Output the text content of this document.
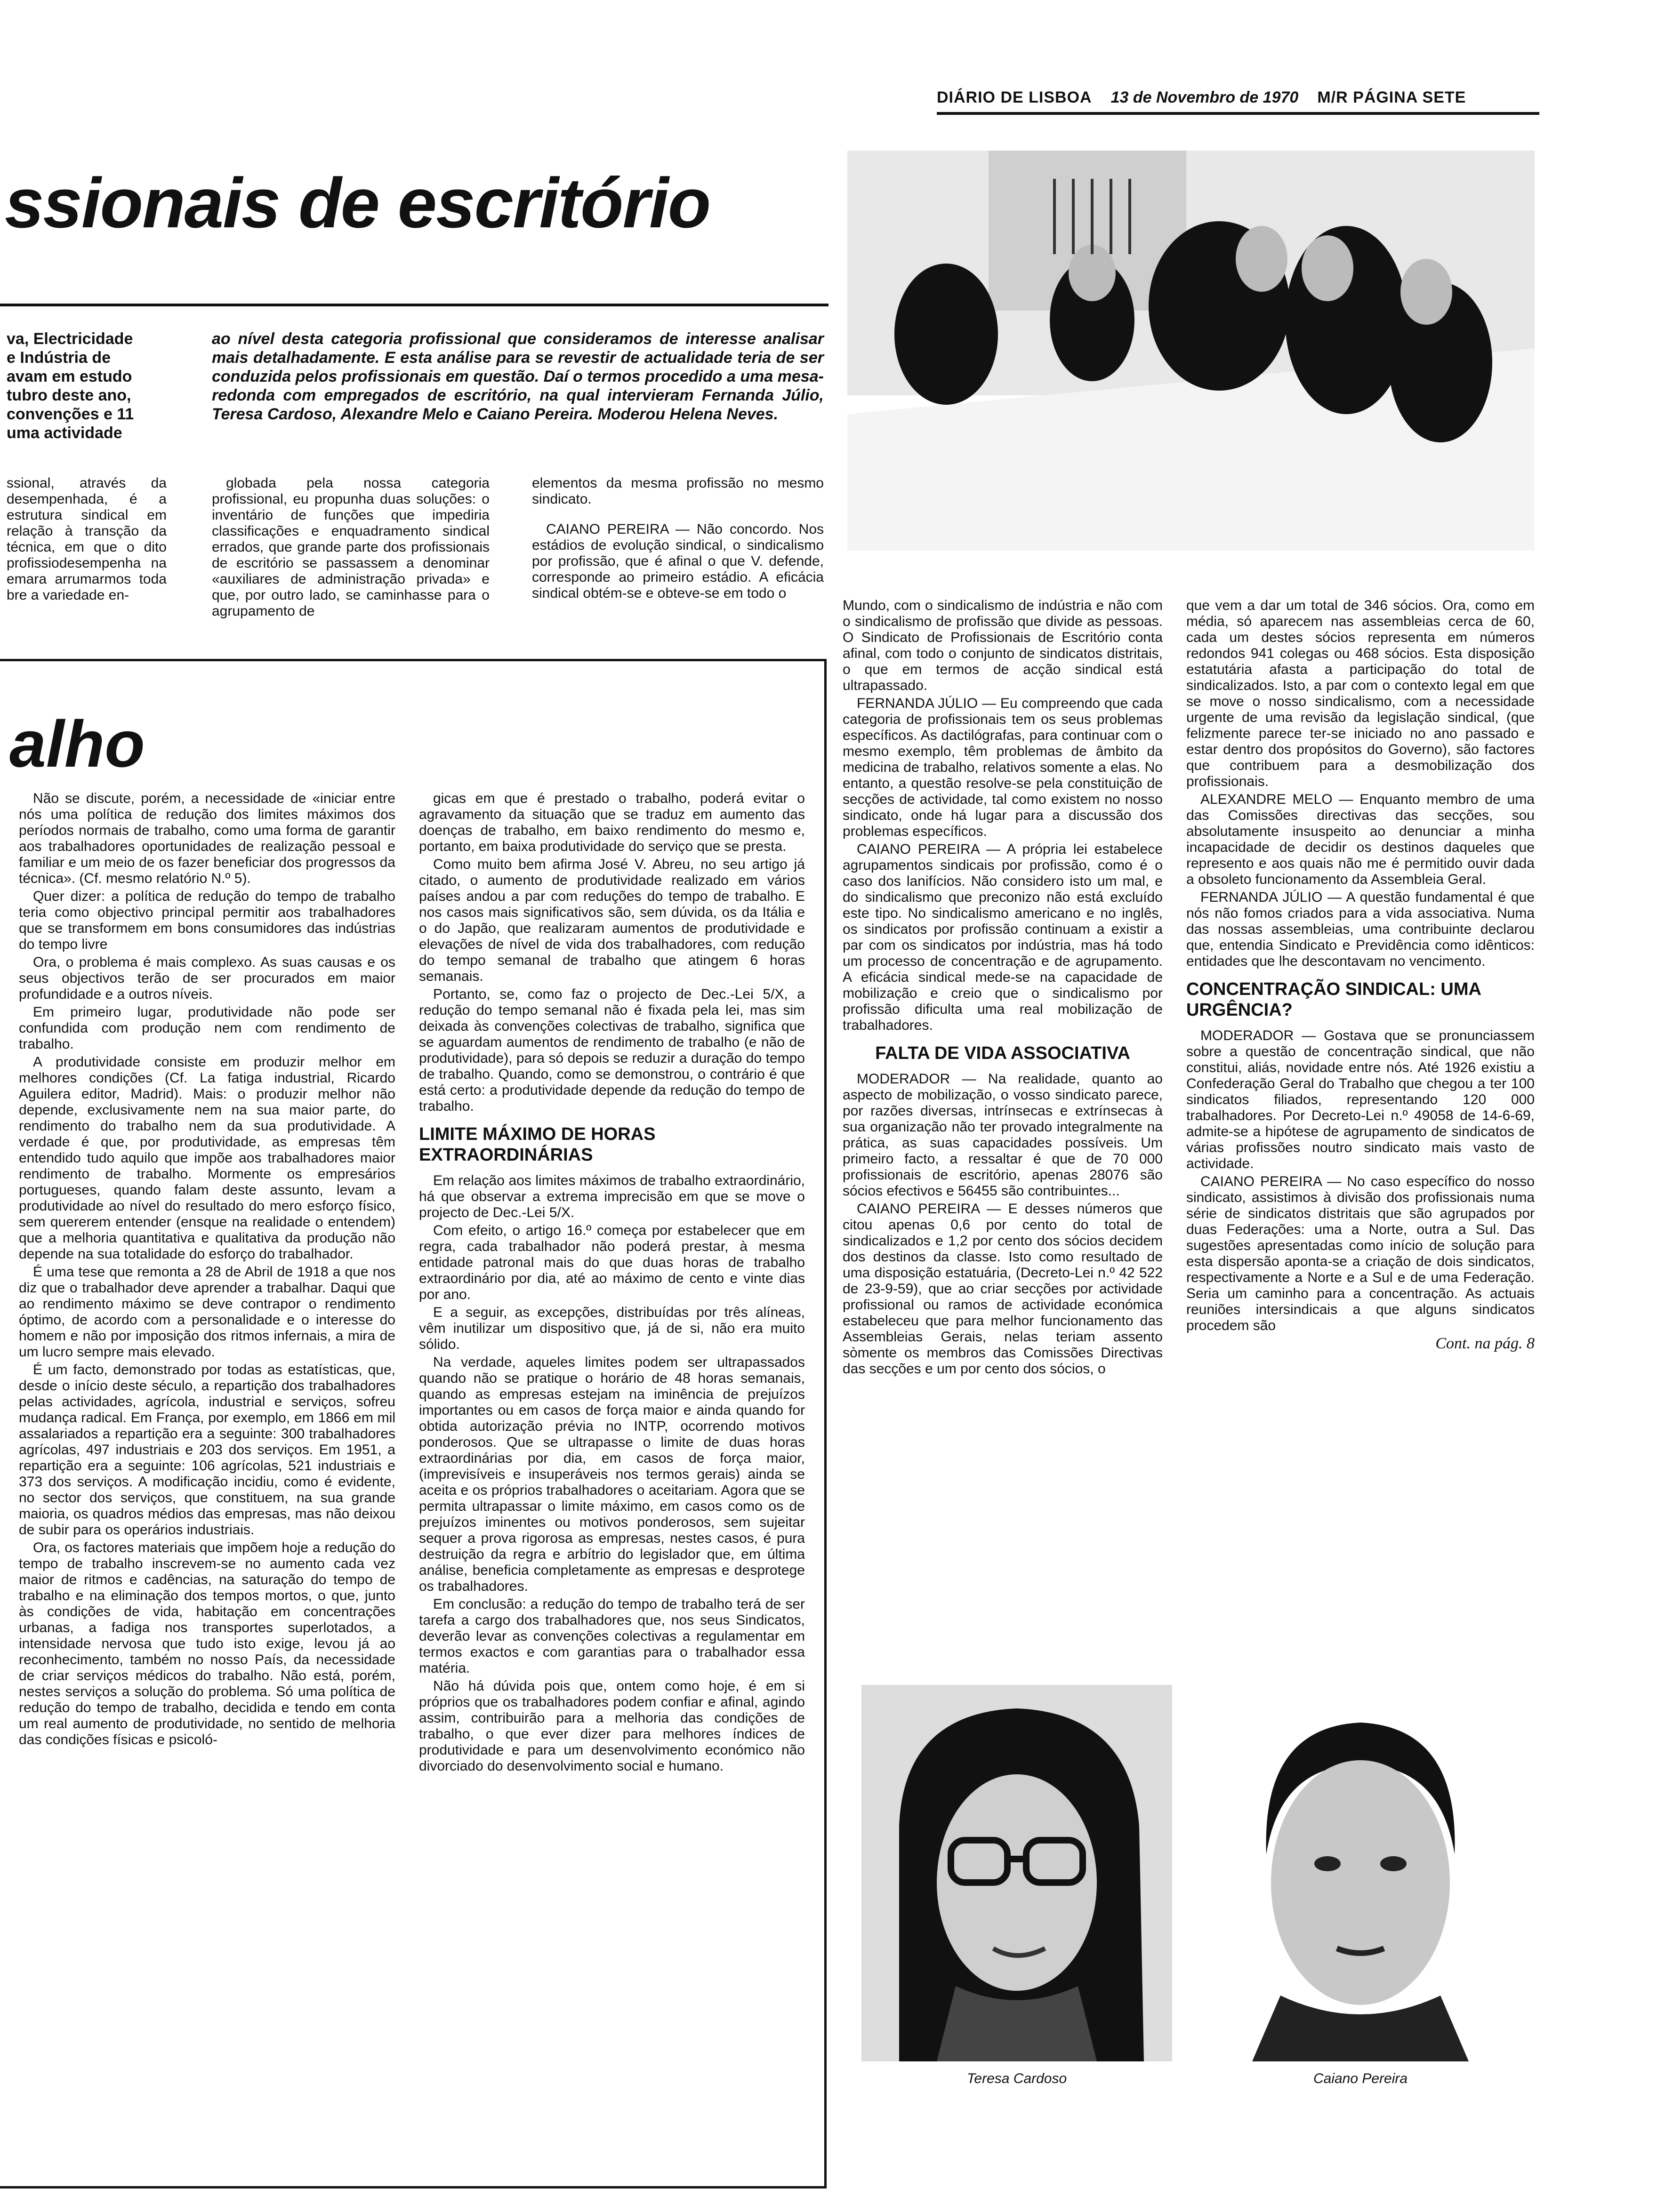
DIÁRIO DE LISBOA 13 de Novembro de 1970 M/R PÁGINA SETE
ssionais de escritório
va, Electricidade
e Indústria de
avam em estudo
tubro deste ano,
convenções e 11
uma actividade
ao nível desta categoria profissional que consideramos de interesse analisar mais detalhadamente. E esta análise para se revestir de actualidade teria de ser conduzida pelos profissionais em questão. Daí o termos procedido a uma mesa-redonda com empregados de escritório, na qual intervieram Fernanda Júlio, Teresa Cardoso, Alexandre Melo e Caiano Pereira. Moderou Helena Neves.

ssional, através da desempenhada, é a estrutura sindical em relação à transção da técnica, em que o dito profissiodesempenha na emara arrumarmos toda bre a variedade en-

globada pela nossa categoria profissional, eu propunha duas soluções: o inventário de funções que impediria classificações e enquadramento sindical errados, que grande parte dos profissionais de escritório se passassem a denominar «auxiliares de administração privada» e que, por outro lado, se caminhasse para o agrupamento de

elementos da mesma profissão no mesmo sindicato.

CAIANO PEREIRA — Não concordo. Nos estádios de evolução sindical, o sindicalismo por profissão, que é afinal o que V. defende, corresponde ao primeiro estádio. A eficácia sindical obtém-se e obteve-se em todo o

alho

Não se discute, porém, a necessidade de «iniciar entre nós uma política de redução dos limites máximos dos períodos normais de trabalho, como uma forma de garantir aos trabalhadores oportunidades de realização pessoal e familiar e um meio de os fazer beneficiar dos progressos da técnica». (Cf. mesmo relatório N.º 5).

Quer dizer: a política de redução do tempo de trabalho teria como objectivo principal permitir aos trabalhadores que se transformem em bons consumidores das indústrias do tempo livre

Ora, o problema é mais complexo. As suas causas e os seus objectivos terão de ser procurados em maior profundidade e a outros níveis.

Em primeiro lugar, produtividade não pode ser confundida com produção nem com rendimento de trabalho.

A produtividade consiste em produzir melhor em melhores condições (Cf. La fatiga industrial, Ricardo Aguilera editor, Madrid). Mais: o produzir melhor não depende, exclusivamente nem na sua maior parte, do rendimento do trabalho nem da sua produtividade. A verdade é que, por produtividade, as empresas têm entendido tudo aquilo que impõe aos trabalhadores maior rendimento de trabalho. Mormente os empresários portugueses, quando falam deste assunto, levam a produtividade ao nível do resultado do mero esforço físico, sem quererem entender (ensque na realidade o entendem) que a melhoria quantitativa e qualitativa da produção não depende na sua totalidade do esforço do trabalhador.

É uma tese que remonta a 28 de Abril de 1918 a que nos diz que o trabalhador deve aprender a trabalhar. Daqui que ao rendimento máximo se deve contrapor o rendimento óptimo, de acordo com a personalidade e o interesse do homem e não por imposição dos ritmos infernais, a mira de um lucro sempre mais elevado.

É um facto, demonstrado por todas as estatísticas, que, desde o início deste século, a repartição dos trabalhadores pelas actividades, agrícola, industrial e serviços, sofreu mudança radical. Em França, por exemplo, em 1866 em mil assalariados a repartição era a seguinte: 300 trabalhadores agrícolas, 497 industriais e 203 dos serviços. Em 1951, a repartição era a seguinte: 106 agrícolas, 521 industriais e 373 dos serviços. A modificação incidiu, como é evidente, no sector dos serviços, que constituem, na sua grande maioria, os quadros médios das empresas, mas não deixou de subir para os operários industriais.

Ora, os factores materiais que impõem hoje a redução do tempo de trabalho inscrevem-se no aumento cada vez maior de ritmos e cadências, na saturação do tempo de trabalho e na eliminação dos tempos mortos, o que, junto às condições de vida, habitação em concentrações urbanas, a fadiga nos transportes superlotados, a intensidade nervosa que tudo isto exige, levou já ao reconhecimento, também no nosso País, da necessidade de criar serviços médicos do trabalho. Não está, porém, nestes serviços a solução do problema. Só uma política de redução do tempo de trabalho, decidida e tendo em conta um real aumento de produtividade, no sentido de melhoria das condições físicas e psicoló-

gicas em que é prestado o trabalho, poderá evitar o agravamento da situação que se traduz em aumento das doenças de trabalho, em baixo rendimento do mesmo e, portanto, em baixa produtividade do serviço que se presta.

Como muito bem afirma José V. Abreu, no seu artigo já citado, o aumento de produtividade realizado em vários países andou a par com reduções do tempo de trabalho. E nos casos mais significativos são, sem dúvida, os da Itália e o do Japão, que realizaram aumentos de produtividade e elevações de nível de vida dos trabalhadores, com redução do tempo semanal de trabalho que atingem 6 horas semanais.

Portanto, se, como faz o projecto de Dec.-Lei 5/X, a redução do tempo semanal não é fixada pela lei, mas sim deixada às convenções colectivas de trabalho, significa que se aguardam aumentos de rendimento de trabalho (e não de produtividade), para só depois se reduzir a duração do tempo de trabalho. Quando, como se demonstrou, o contrário é que está certo: a produtividade depende da redução do tempo de trabalho.

LIMITE MÁXIMO DE HORAS EXTRAORDINÁRIAS

Em relação aos limites máximos de trabalho extraordinário, há que observar a extrema imprecisão em que se move o projecto de Dec.-Lei 5/X.

Com efeito, o artigo 16.º começa por estabelecer que em regra, cada trabalhador não poderá prestar, à mesma entidade patronal mais do que duas horas de trabalho extraordinário por dia, até ao máximo de cento e vinte dias por ano.

E a seguir, as excepções, distribuídas por três alíneas, vêm inutilizar um dispositivo que, já de si, não era muito sólido.

Na verdade, aqueles limites podem ser ultrapassados quando não se pratique o horário de 48 horas semanais, quando as empresas estejam na iminência de prejuízos importantes ou em casos de força maior e ainda quando for obtida autorização prévia no INTP, ocorrendo motivos ponderosos. Que se ultrapasse o limite de duas horas extraordinárias por dia, em casos de força maior, (imprevisíveis e insuperáveis nos termos gerais) ainda se aceita e os próprios trabalhadores o aceitariam. Agora que se permita ultrapassar o limite máximo, em casos como os de prejuízos iminentes ou motivos ponderosos, sem sujeitar sequer a prova rigorosa as empresas, nestes casos, é pura destruição da regra e arbítrio do legislador que, em última análise, beneficia completamente as empresas e desprotege os trabalhadores.

Em conclusão: a redução do tempo de trabalho terá de ser tarefa a cargo dos trabalhadores que, nos seus Sindicatos, deverão levar as convenções colectivas a regulamentar em termos exactos e com garantias para o trabalhador essa matéria.

Não há dúvida pois que, ontem como hoje, é em si próprios que os trabalhadores podem confiar e afinal, agindo assim, contribuirão para a melhoria das condições de trabalho, o que ever dizer para melhores índices de produtividade e para um desenvolvimento económico não divorciado do desenvolvimento social e humano.

Mundo, com o sindicalismo de indústria e não com o sindicalismo de profissão que divide as pessoas. O Sindicato de Profissionais de Escritório conta afinal, com todo o conjunto de sindicatos distritais, o que em termos de acção sindical está ultrapassado.

FERNANDA JÚLIO — Eu compreendo que cada categoria de profissionais tem os seus problemas específicos. As dactilógrafas, para continuar com o mesmo exemplo, têm problemas de âmbito da medicina de trabalho, relativos somente a elas. No entanto, a questão resolve-se pela constituição de secções de actividade, tal como existem no nosso sindicato, onde há lugar para a discussão dos problemas específicos.

CAIANO PEREIRA — A própria lei estabelece agrupamentos sindicais por profissão, como é o caso dos lanifícios. Não considero isto um mal, e do sindicalismo que preconizo não está excluído este tipo. No sindicalismo americano e no inglês, os sindicatos por profissão continuam a existir a par com os sindicatos por indústria, mas há todo um processo de concentração e de agrupamento. A eficácia sindical mede-se na capacidade de mobilização e creio que o sindicalismo por profissão dificulta uma real mobilização de trabalhadores.

FALTA DE VIDA ASSOCIATIVA

MODERADOR — Na realidade, quanto ao aspecto de mobilização, o vosso sindicato parece, por razões diversas, intrínsecas e extrínsecas à sua organização não ter provado integralmente na prática, as suas capacidades possíveis. Um primeiro facto, a ressaltar é que de 70 000 profissionais de escritório, apenas 28076 são sócios efectivos e 56455 são contribuintes...

CAIANO PEREIRA — E desses números que citou apenas 0,6 por cento do total de sindicalizados e 1,2 por cento dos sócios decidem dos destinos da classe. Isto como resultado de uma disposição estatuária, (Decreto-Lei n.º 42 522 de 23-9-59), que ao criar secções por actividade profissional ou ramos de actividade económica estabeleceu que para melhor funcionamento das Assembleias Gerais, nelas teriam assento sòmente os membros das Comissões Directivas das secções e um por cento dos sócios, o

que vem a dar um total de 346 sócios. Ora, como em média, só aparecem nas assembleias cerca de 60, cada um destes sócios representa em números redondos 941 colegas ou 468 sócios. Esta disposição estatutária afasta a participação do total de sindicalizados. Isto, a par com o contexto legal em que se move o nosso sindicalismo, com a necessidade urgente de uma revisão da legislação sindical, (que felizmente parece ter-se iniciado no ano passado e estar dentro dos propósitos do Governo), são factores que contribuem para a desmobilização dos profissionais.

ALEXANDRE MELO — Enquanto membro de uma das Comissões directivas das secções, sou absolutamente insuspeito ao denunciar a minha incapacidade de decidir os destinos daqueles que represento e aos quais não me é permitido ouvir dada a obsoleto funcionamento da Assembleia Geral.

FERNANDA JÚLIO — A questão fundamental é que nós não fomos criados para a vida associativa. Numa das nossas assembleias, uma contribuinte declarou que, entendia Sindicato e Previdência como idênticos: entidades que lhe descontavam no vencimento.

CONCENTRAÇÃO SINDICAL: UMA URGÊNCIA?

MODERADOR — Gostava que se pronunciassem sobre a questão de concentração sindical, que não constitui, aliás, novidade entre nós. Até 1926 existiu a Confederação Geral do Trabalho que chegou a ter 100 sindicatos filiados, representando 120 000 trabalhadores. Por Decreto-Lei n.º 49058 de 14-6-69, admite-se a hipótese de agrupamento de sindicatos de várias profissões noutro sindicato mais vasto de actividade.

CAIANO PEREIRA — No caso específico do nosso sindicato, assistimos à divisão dos profissionais numa série de sindicatos distritais que são agrupados por duas Federações: uma a Norte, outra a Sul. Das sugestões apresentadas como início de solução para esta dispersão aponta-se a criação de dois sindicatos, respectivamente a Norte e a Sul e de uma Federação. Seria um caminho para a concentração. As actuais reuniões intersindicais a que alguns sindicatos procedem são

Cont. na pág. 8
Teresa Cardoso	Caiano Pereira
